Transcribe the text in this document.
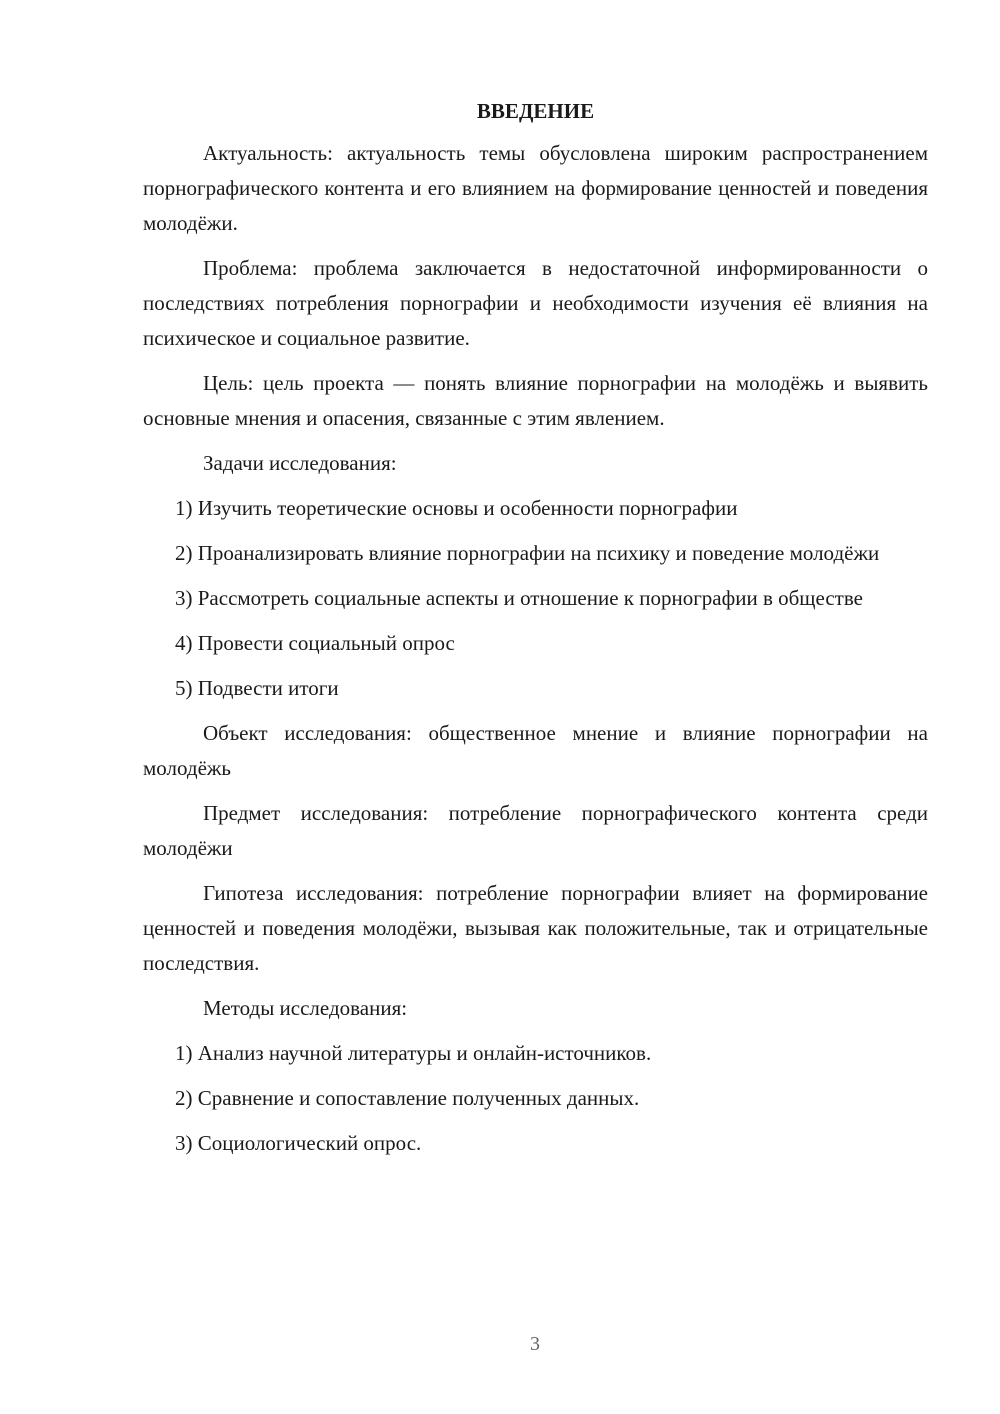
ВВЕДЕНИЕ
Актуальность: актуальность темы обусловлена широким распространением порнографического контента и его влиянием на формирование ценностей и поведения молодёжи.
Проблема: проблема заключается в недостаточной информированности о последствиях потребления порнографии и необходимости изучения её влияния на психическое и социальное развитие.
Цель: цель проекта — понять влияние порнографии на молодёжь и выявить основные мнения и опасения, связанные с этим явлением.
Задачи исследования:
1) Изучить теоретические основы и особенности порнографии
2) Проанализировать влияние порнографии на психику и поведение молодёжи
3) Рассмотреть социальные аспекты и отношение к порнографии в обществе
4) Провести социальный опрос
5) Подвести итоги
Объект исследования: общественное мнение и влияние порнографии на молодёжь
Предмет исследования: потребление порнографического контента среди молодёжи
Гипотеза исследования: потребление порнографии влияет на формирование ценностей и поведения молодёжи, вызывая как положительные, так и отрицательные последствия.
Методы исследования:
1) Анализ научной литературы и онлайн-источников.
2) Сравнение и сопоставление полученных данных.
3) Социологический опрос.
3
